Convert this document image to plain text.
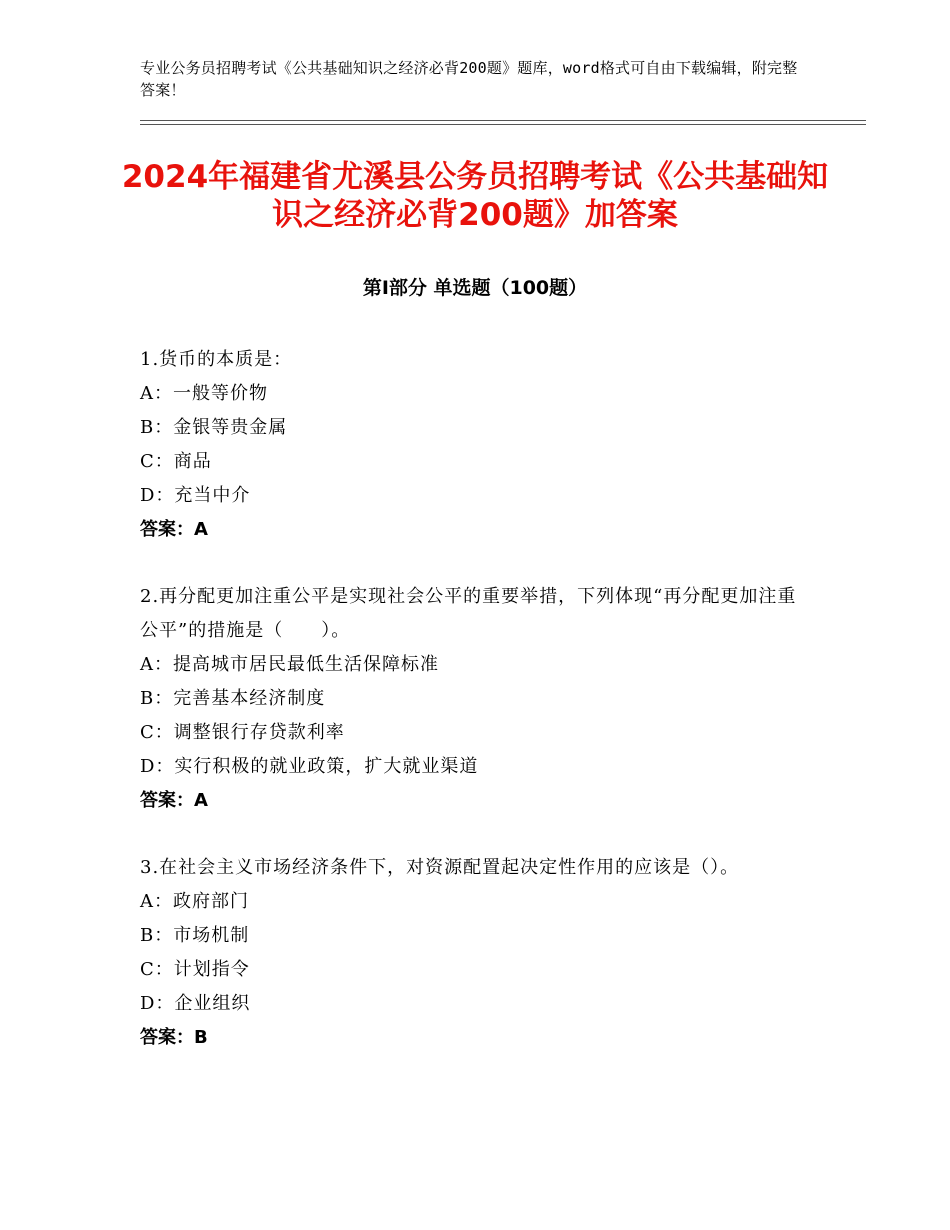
专业公务员招聘考试《公共基础知识之经济必背200题》题库，word格式可自由下载编辑，附完整答案！
2024年福建省尤溪县公务员招聘考试《公共基础知识之经济必背200题》加答案
第Ⅰ部分 单选题（100题）
1.货币的本质是：
A：一般等价物
B：金银等贵金属
C：商品
D：充当中介
答案：A
2.再分配更加注重公平是实现社会公平的重要举措，下列体现“再分配更加注重公平”的措施是（　　）。
A：提高城市居民最低生活保障标准
B：完善基本经济制度
C：调整银行存贷款利率
D：实行积极的就业政策，扩大就业渠道
答案：A
3.在社会主义市场经济条件下，对资源配置起决定性作用的应该是（）。
A：政府部门
B：市场机制
C：计划指令
D：企业组织
答案：B
